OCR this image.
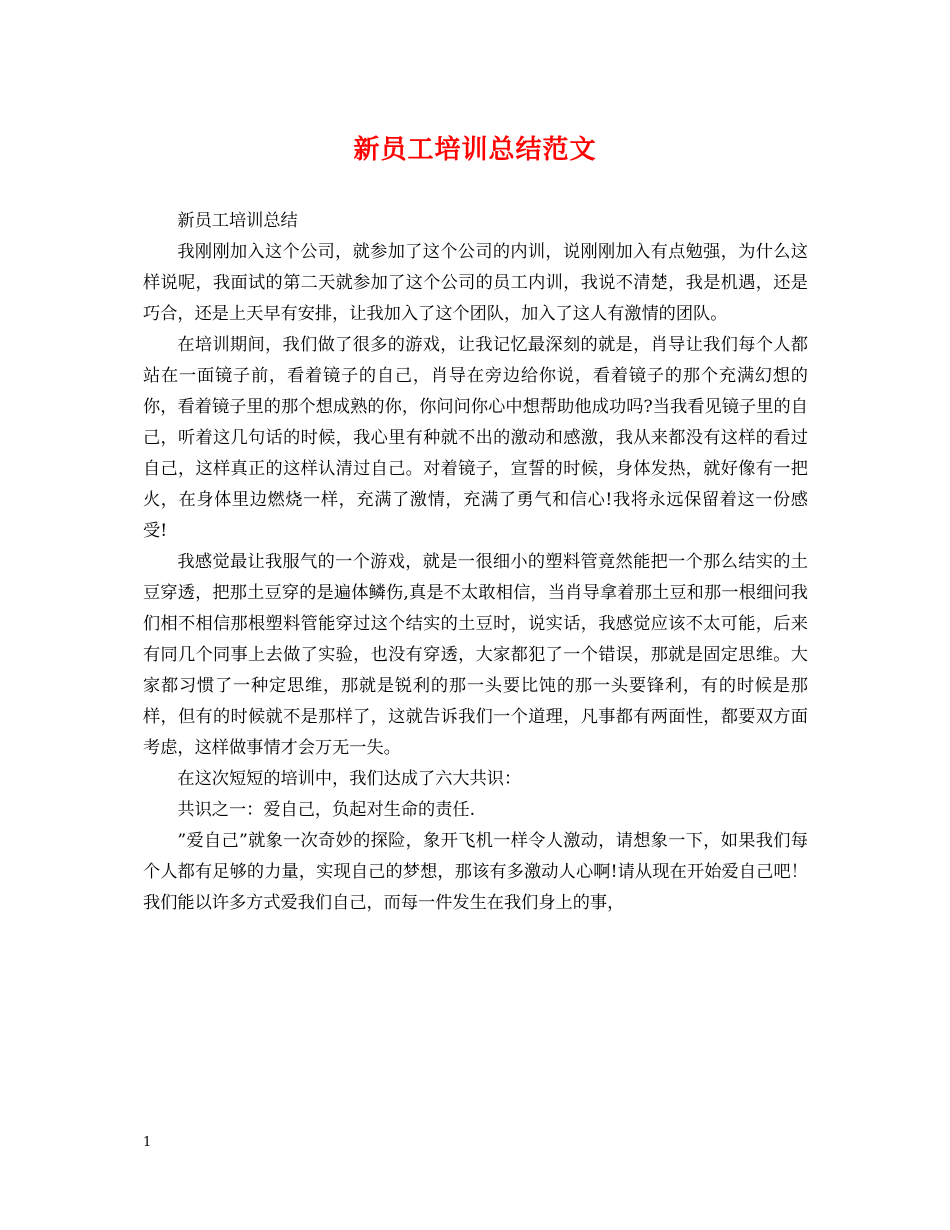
新员工培训总结范文

新员工培训总结

我刚刚加入这个公司，就参加了这个公司的内训，说刚刚加入有点勉强，为什么这样说呢，我面试的第二天就参加了这个公司的员工内训，我说不清楚，我是机遇，还是巧合，还是上天早有安排，让我加入了这个团队，加入了这人有激情的团队。

在培训期间，我们做了很多的游戏，让我记忆最深刻的就是，肖导让我们每个人都站在一面镜子前，看着镜子的自己，肖导在旁边给你说，看着镜子的那个充满幻想的你，看着镜子里的那个想成熟的你，你问问你心中想帮助他成功吗?当我看见镜子里的自己，听着这几句话的时候，我心里有种就不出的激动和感激，我从来都没有这样的看过自己，这样真正的这样认清过自己。对着镜子，宣誓的时候，身体发热，就好像有一把火，在身体里边燃烧一样，充满了激情，充满了勇气和信心!我将永远保留着这一份感受!

我感觉最让我服气的一个游戏，就是一很细小的塑料管竟然能把一个那么结实的土豆穿透，把那土豆穿的是遍体鳞伤,真是不太敢相信，当肖导拿着那土豆和那一根细问我们相不相信那根塑料管能穿过这个结实的土豆时，说实话，我感觉应该不太可能，后来有同几个同事上去做了实验，也没有穿透，大家都犯了一个错误，那就是固定思维。大家都习惯了一种定思维，那就是锐利的那一头要比饨的那一头要锋利，有的时候是那样，但有的时候就不是那样了，这就告诉我们一个道理，凡事都有两面性，都要双方面考虑，这样做事情才会万无一失。

在这次短短的培训中，我们达成了六大共识：

共识之一：爱自己，负起对生命的责任.

”爱自己”就象一次奇妙的探险，象开飞机一样令人激动，请想象一下，如果我们每个人都有足够的力量，实现自己的梦想，那该有多激动人心啊!请从现在开始爱自己吧！我们能以许多方式爱我们自己，而每一件发生在我们身上的事，

1
